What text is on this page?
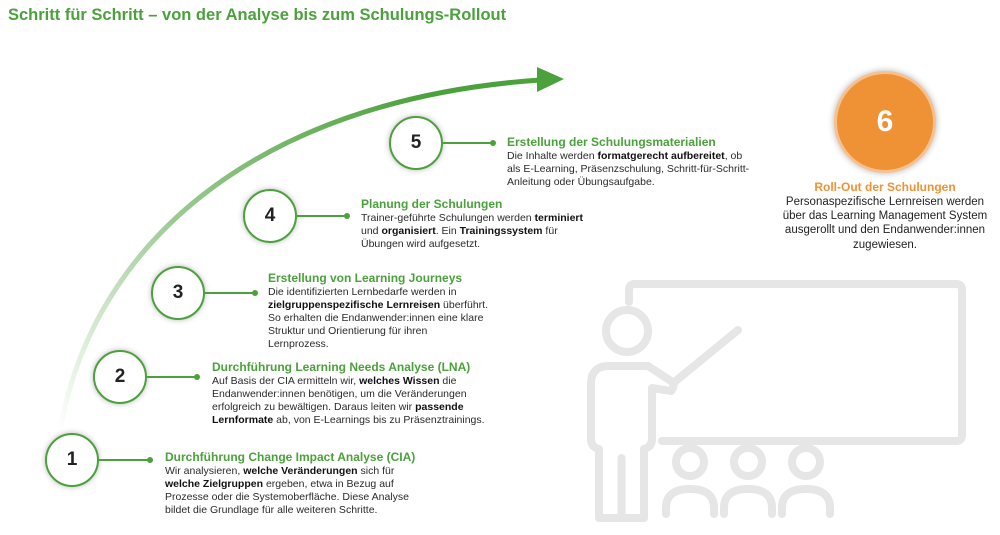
Schritt für Schritt – von der Analyse bis zum Schulungs-Rollout
1	Durchführung Change Impact Analyse (CIA)
Wir analysieren, welche Veränderungen sich für
welche Zielgruppen ergeben, etwa in Bezug auf
Prozesse oder die Systemoberfläche. Diese Analyse
bildet die Grundlage für alle weiteren Schritte.
2	Durchführung Learning Needs Analyse (LNA)
Auf Basis der CIA ermitteln wir, welches Wissen die
Endanwender:innen benötigen, um die Veränderungen
erfolgreich zu bewältigen. Daraus leiten wir passende
Lernformate ab, von E-Learnings bis zu Präsenztrainings.
3
Erstellung von Learning Journeys
Die identifizierten Lernbedarfe werden in
zielgruppenspezifische Lernreisen überführt.
So erhalten die Endanwender:innen eine klare
Struktur und Orientierung für ihren
Lernprozess.
4
Planung der Schulungen
Trainer-geführte Schulungen werden terminiert
und organisiert. Ein Trainingssystem für
Übungen wird aufgesetzt.
5	Erstellung der Schulungsmaterialien
Die Inhalte werden formatgerecht aufbereitet, ob
als E-Learning, Präsenzschulung, Schritt-für-Schritt-
Anleitung oder Übungsaufgabe.
6
Roll-Out der Schulungen
Personaspezifische Lernreisen werden
über das Learning Management System
ausgerollt und den Endanwender:innen
zugewiesen.
